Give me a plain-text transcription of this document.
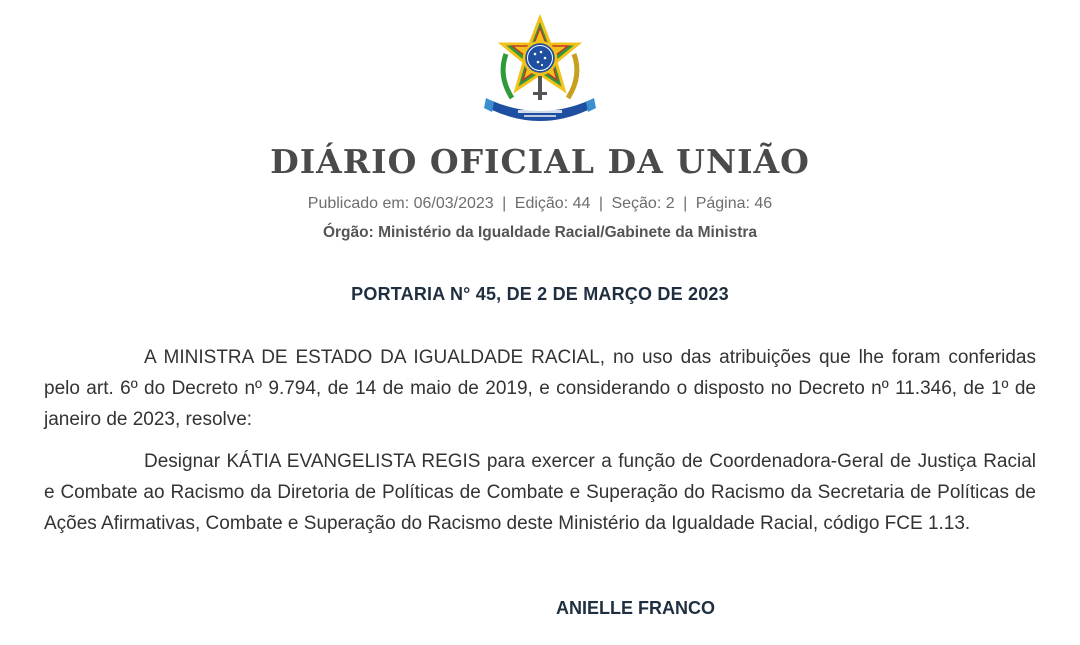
DIÁRIO OFICIAL DA UNIÃO
Publicado em: 06/03/2023 | Edição: 44 | Seção: 2 | Página: 46
Órgão: Ministério da Igualdade Racial/Gabinete da Ministra
PORTARIA N° 45, DE 2 DE MARÇO DE 2023

A MINISTRA DE ESTADO DA IGUALDADE RACIAL, no uso das atribuições que lhe foram conferidas pelo art. 6º do Decreto nº 9.794, de 14 de maio de 2019, e considerando o disposto no Decreto nº 11.346, de 1º de janeiro de 2023, resolve:

Designar KÁTIA EVANGELISTA REGIS para exercer a função de Coordenadora-Geral de Justiça Racial e Combate ao Racismo da Diretoria de Políticas de Combate e Superação do Racismo da Secretaria de Políticas de Ações Afirmativas, Combate e Superação do Racismo deste Ministério da Igualdade Racial, código FCE 1.13.

ANIELLE FRANCO
